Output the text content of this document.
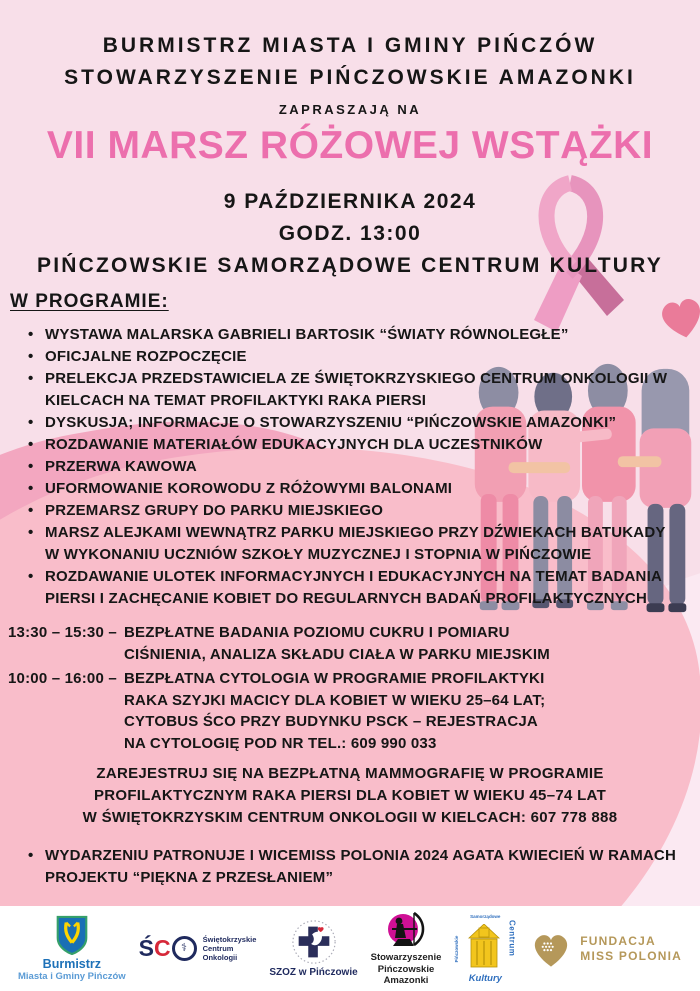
BURMISTRZ MIASTA I GMINY PIŃCZÓW
STOWARZYSZENIE PIŃCZOWSKIE AMAZONKI
ZAPRASZAJĄ NA
VII MARSZ RÓŻOWEJ WSTĄŻKI
9 PAŹDZIERNIKA 2024
GODZ. 13:00
PIŃCZOWSKIE SAMORZĄDOWE CENTRUM KULTURY
W PROGRAMIE:
• WYSTAWA MALARSKA GABRIELI BARTOSIK “ŚWIATY RÓWNOLEGŁE”
• OFICJALNE ROZPOCZĘCIE
• PRELEKCJA PRZEDSTAWICIELA ZE ŚWIĘTOKRZYSKIEGO CENTRUM ONKOLOGII W KIELCACH NA TEMAT PROFILAKTYKI RAKA PIERSI
• DYSKUSJA; INFORMACJE O STOWARZYSZENIU “PIŃCZOWSKIE AMAZONKI”
• ROZDAWANIE MATERIAŁÓW EDUKACYJNYCH DLA UCZESTNIKÓW
• PRZERWA KAWOWA
• UFORMOWANIE KOROWODU Z RÓŻOWYMI BALONAMI
• PRZEMARSZ GRUPY DO PARKU MIEJSKIEGO
• MARSZ ALEJKAMI WEWNĄTRZ PARKU MIEJSKIEGO PRZY DŹWIEKACH BATUKADY W WYKONANIU UCZNIÓW SZKOŁY MUZYCZNEJ I STOPNIA W PIŃCZOWIE
• ROZDAWANIE ULOTEK INFORMACYJNYCH I EDUKACYJNYCH NA TEMAT BADANIA PIERSI I ZACHĘCANIE KOBIET DO REGULARNYCH BADAŃ PROFILAKTYCZNYCH
13:30 – 15:30 – BEZPŁATNE BADANIA POZIOMU CUKRU I POMIARU CIŚNIENIA, ANALIZA SKŁADU CIAŁA W PARKU MIEJSKIM
10:00 – 16:00 – BEZPŁATNA CYTOLOGIA W PROGRAMIE PROFILAKTYKI RAKA SZYJKI MACICY DLA KOBIET W WIEKU 25–64 LAT; CYTOBUS ŚCO PRZY BUDYNKU PSCK – REJESTRACJA NA CYTOLOGIĘ POD NR TEL.: 609 990 033
ZAREJESTRUJ SIĘ NA BEZPŁATNĄ MAMMOGRAFIĘ W PROGRAMIE
PROFILAKTYCZNYM RAKA PIERSI DLA KOBIET W WIEKU 45–74 LAT
W ŚWIĘTOKRZYSKIM CENTRUM ONKOLOGII W KIELCACH: 607 778 888
• WYDARZENIU PATRONUJE I WICEMISS POLONIA 2024 AGATA KWIECIEŃ W RAMACH PROJEKTU “PIĘKNA Z PRZESŁANIEM”
Burmistrz
Miasta i Gminy Pińczów
Ś C ⚕
Świętokrzyskie
Centrum
Onkologii
SZOZ w Pińczowie
Stowarzyszenie
Pińczowskie
Amazonki
Pińczowskie
Samorządowe
Centrum
Kultury
FUNDACJA
MISS POLONIA
